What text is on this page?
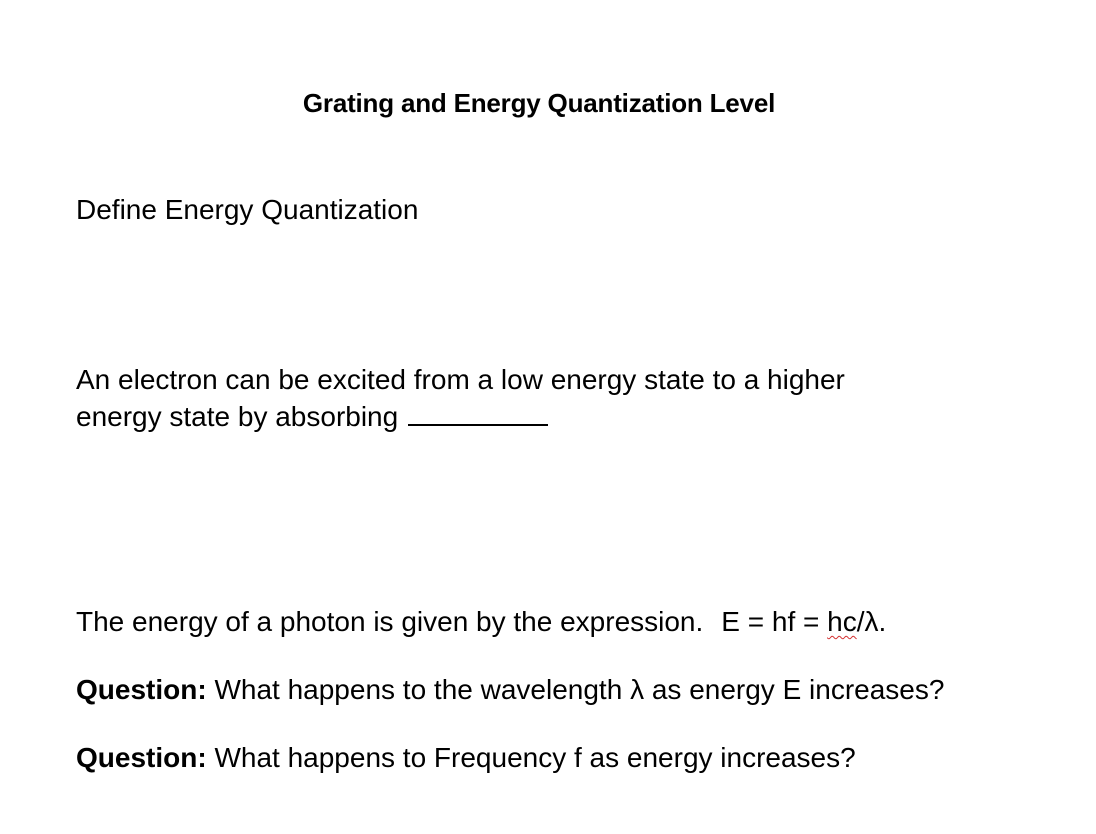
Grating and Energy Quantization Level
Define Energy Quantization
An electron can be excited from a low energy state to a higher
energy state by absorbing
The energy of a photon is given by the expression. E = hf = hc/λ.
Question: What happens to the wavelength λ as energy E increases?
Question: What happens to Frequency f as energy increases?
